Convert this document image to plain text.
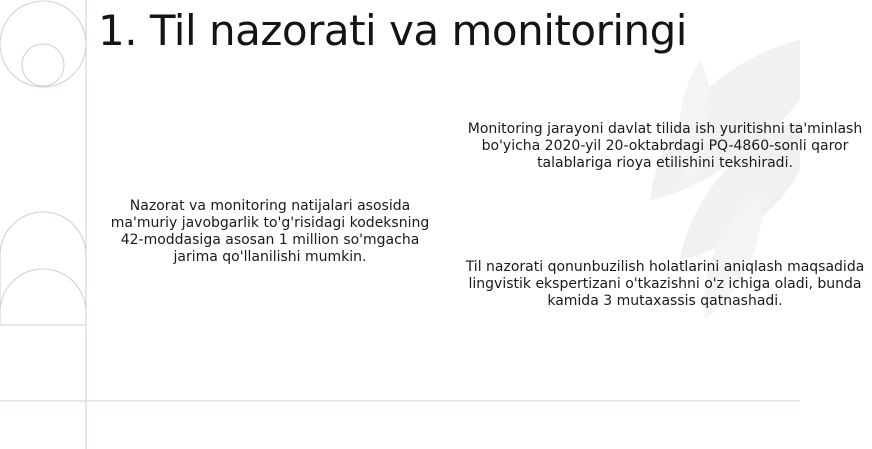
1. Til nazorati va monitoringi

Nazorat va monitoring natijalari asosida ma'muriy javobgarlik to'g'risidagi kodeksning 42-moddasiga asosan 1 million so'mgacha jarima qo'llanilishi mumkin.

Monitoring jarayoni davlat tilida ish yuritishni ta'minlash bo'yicha 2020-yil 20-oktabrdagi PQ-4860-sonli qaror talablariga rioya etilishini tekshiradi.

Til nazorati qonunbuzilish holatlarini aniqlash maqsadida lingvistik ekspertizani o'tkazishni o'z ichiga oladi, bunda kamida 3 mutaxassis qatnashadi.
